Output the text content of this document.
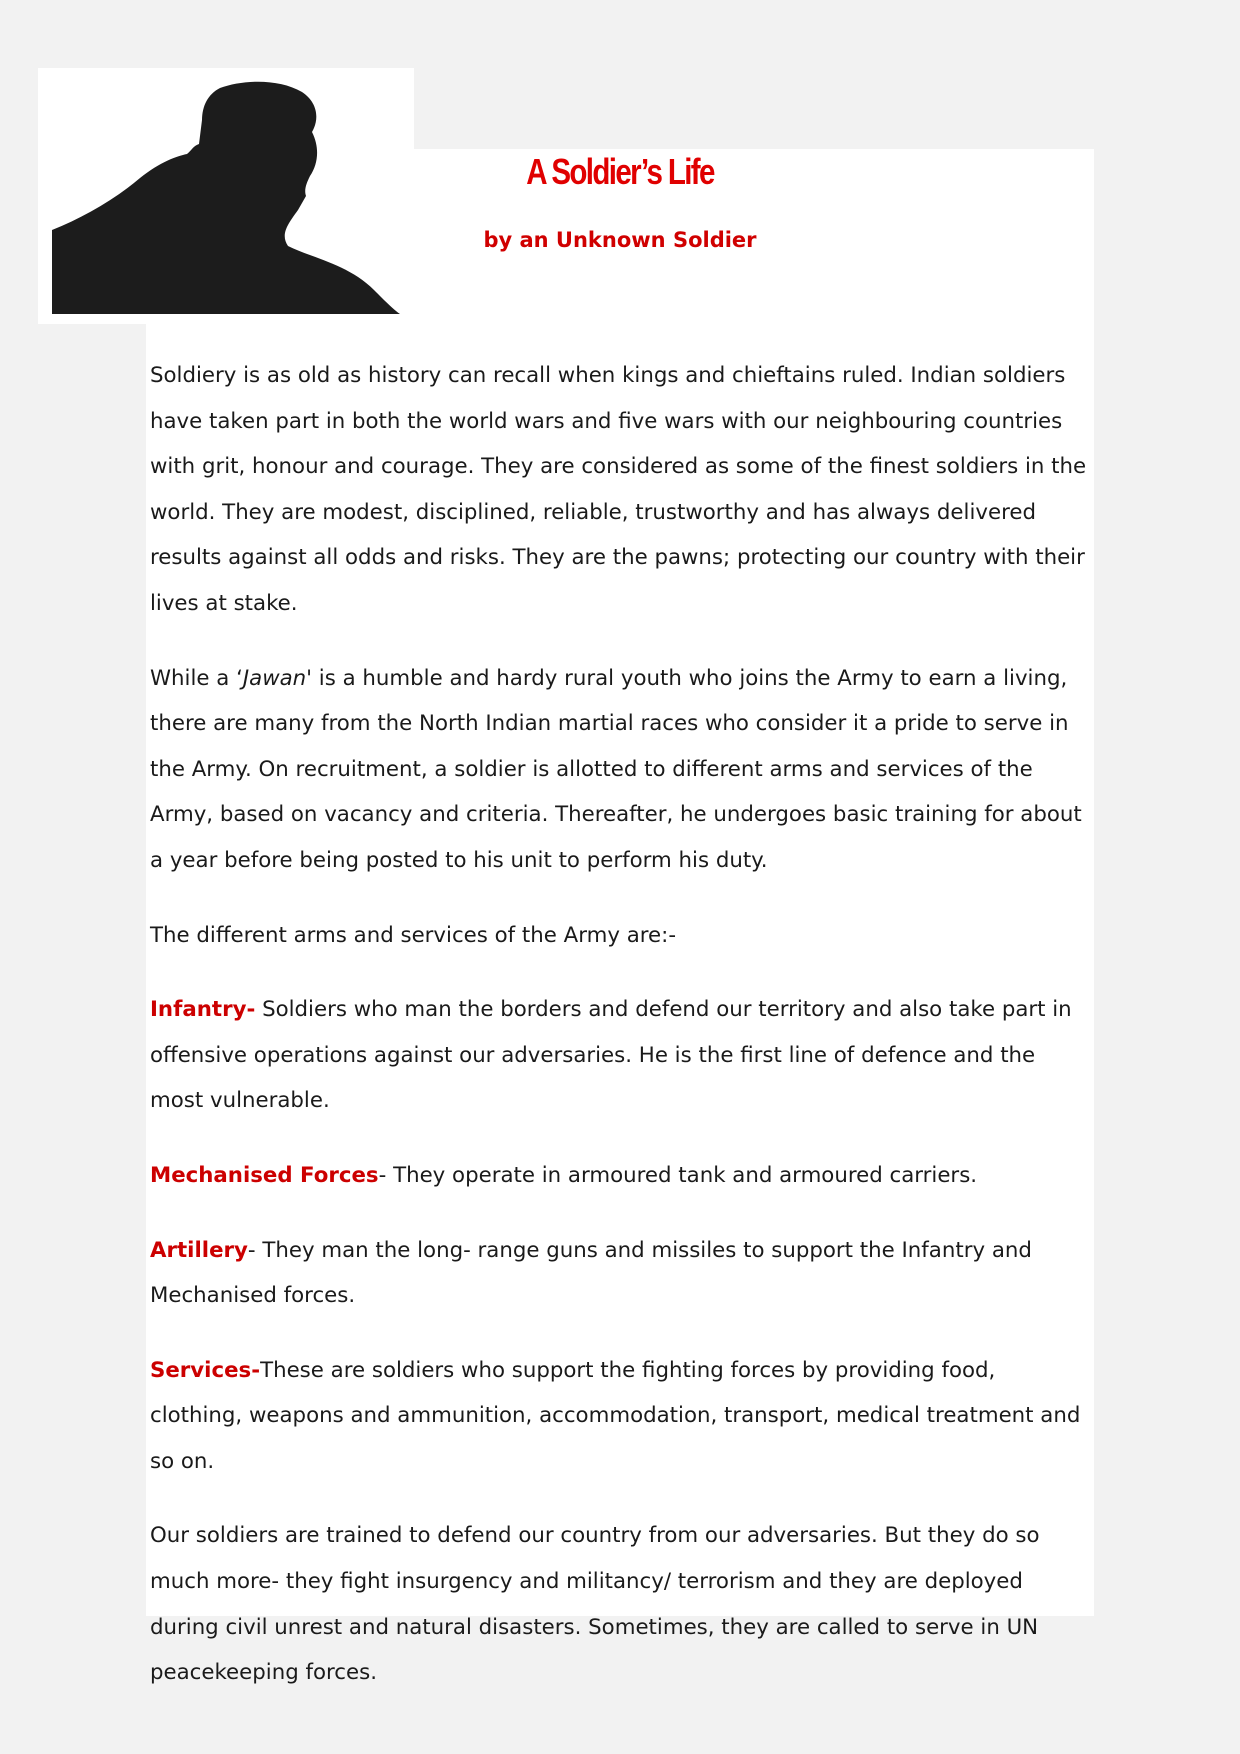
A Soldier’s Life
by an Unknown Soldier

Soldiery is as old as history can recall when kings and chieftains ruled. Indian soldiers have taken part in both the world wars and five wars with our neighbouring countries with grit, honour and courage. They are considered as some of the finest soldiers in the world. They are modest, disciplined, reliable, trustworthy and has always delivered results against all odds and risks. They are the pawns; protecting our country with their lives at stake.

While a ‘Jawan' is a humble and hardy rural youth who joins the Army to earn a living, there are many from the North Indian martial races who consider it a pride to serve in the Army. On recruitment, a soldier is allotted to different arms and services of the Army, based on vacancy and criteria. Thereafter, he undergoes basic training for about a year before being posted to his unit to perform his duty.

The different arms and services of the Army are:-

Infantry- Soldiers who man the borders and defend our territory and also take part in offensive operations against our adversaries. He is the first line of defence and the most vulnerable.

Mechanised Forces- They operate in armoured tank and armoured carriers.

Artillery- They man the long- range guns and missiles to support the Infantry and Mechanised forces.

Services-These are soldiers who support the fighting forces by providing food, clothing, weapons and ammunition, accommodation, transport, medical treatment and so on.

Our soldiers are trained to defend our country from our adversaries. But they do so much more- they fight insurgency and militancy/ terrorism and they are deployed during civil unrest and natural disasters. Sometimes, they are called to serve in UN peacekeeping forces.
